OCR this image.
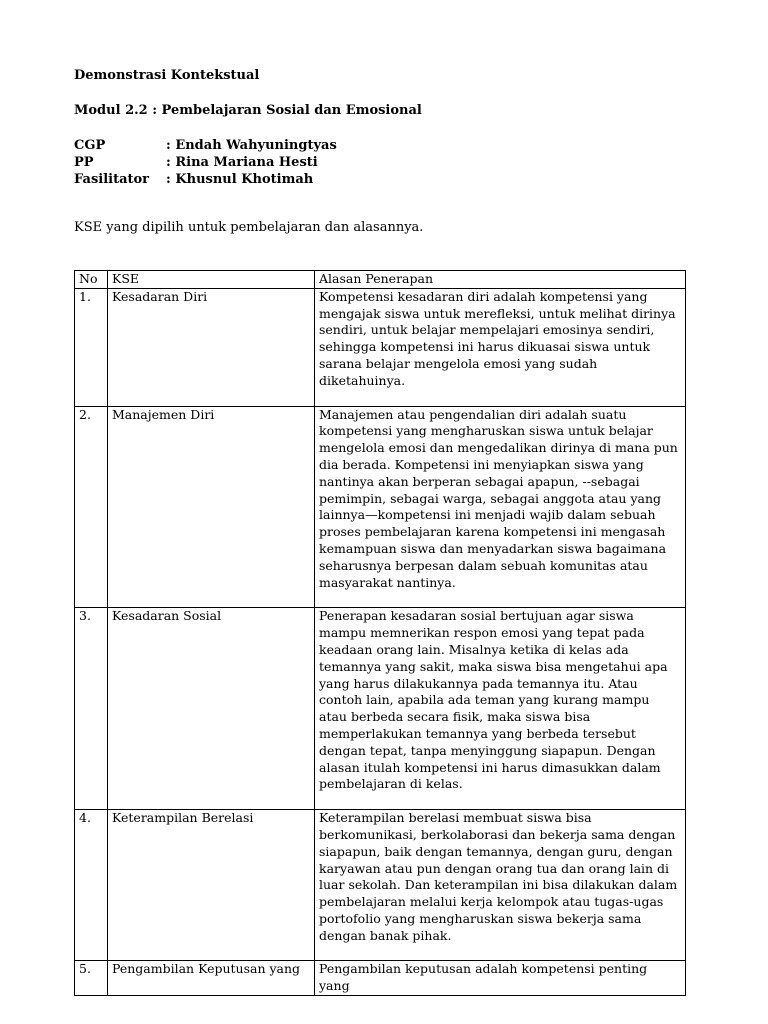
Demonstrasi Kontekstual
Modul 2.2 : Pembelajaran Sosial dan Emosional
CGP	: Endah Wahyuningtyas
PP	: Rina Mariana Hesti
Fasilitator	: Khusnul Khotimah
KSE yang dipilih untuk pembelajaran dan alasannya.
No	KSE	Alasan Penerapan
1.	Kesadaran Diri	Kompetensi kesadaran diri adalah kompetensi yang mengajak siswa untuk merefleksi, untuk melihat dirinya sendiri, untuk belajar mempelajari emosinya sendiri, sehingga kompetensi ini harus dikuasai siswa untuk sarana belajar mengelola emosi yang sudah diketahuinya.
2.	Manajemen Diri	Manajemen atau pengendalian diri adalah suatu kompetensi yang mengharuskan siswa untuk belajar mengelola emosi dan mengedalikan dirinya di mana pun dia berada. Kompetensi ini menyiapkan siswa yang nantinya akan berperan sebagai apapun, --sebagai pemimpin, sebagai warga, sebagai anggota atau yang lainnya—kompetensi ini menjadi wajib dalam sebuah proses pembelajaran karena kompetensi ini mengasah kemampuan siswa dan menyadarkan siswa bagaimana seharusnya berpesan dalam sebuah komunitas atau masyarakat nantinya.
3.	Kesadaran Sosial	Penerapan kesadaran sosial bertujuan agar siswa mampu memnerikan respon emosi yang tepat pada keadaan orang lain. Misalnya ketika di kelas ada temannya yang sakit, maka siswa bisa mengetahui apa yang harus dilakukannya pada temannya itu. Atau contoh lain, apabila ada teman yang kurang mampu atau berbeda secara fisik, maka siswa bisa memperlakukan temannya yang berbeda tersebut dengan tepat, tanpa menyinggung siapapun. Dengan alasan itulah kompetensi ini harus dimasukkan dalam pembelajaran di kelas.
4.	Keterampilan Berelasi	Keterampilan berelasi membuat siswa bisa berkomunikasi, berkolaborasi dan bekerja sama dengan siapapun, baik dengan temannya, dengan guru, dengan karyawan atau pun dengan orang tua dan orang lain di luar sekolah. Dan keterampilan ini bisa dilakukan dalam pembelajaran melalui kerja kelompok atau tugas-ugas portofolio yang mengharuskan siswa bekerja sama dengan banak pihak.
5.	Pengambilan Keputusan yang	Pengambilan keputusan adalah kompetensi penting yang
